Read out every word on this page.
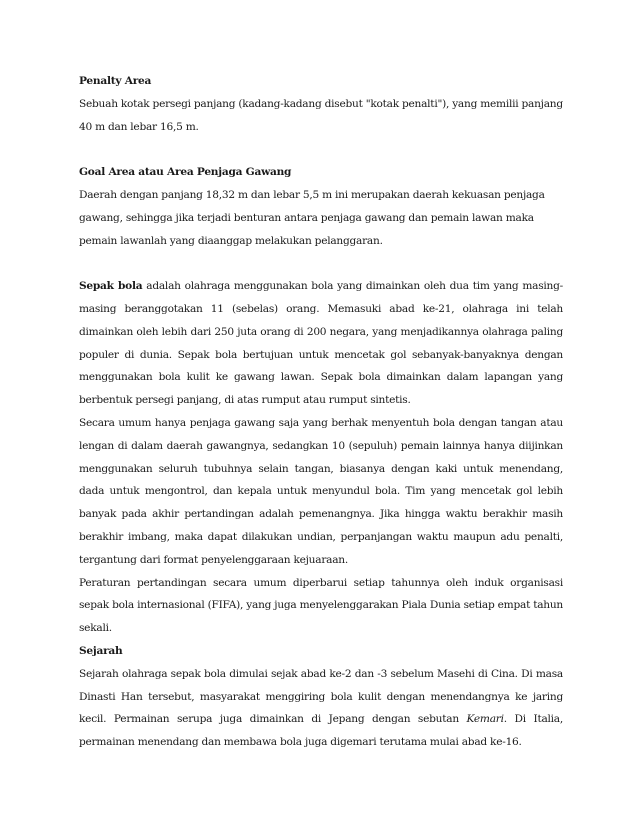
Penalty Area

Sebuah kotak persegi panjang (kadang-kadang disebut "kotak penalti"), yang memilii panjang 40 m dan lebar 16,5 m.

Goal Area atau Area Penjaga Gawang

Daerah dengan panjang 18,32 m dan lebar 5,5 m ini merupakan daerah kekuasan penjaga gawang, sehingga jika terjadi benturan antara penjaga gawang dan pemain lawan maka pemain lawanlah yang diaanggap melakukan pelanggaran.

Sepak bola adalah olahraga menggunakan bola yang dimainkan oleh dua tim yang masing-masing beranggotakan 11 (sebelas) orang. Memasuki abad ke-21, olahraga ini telah dimainkan oleh lebih dari 250 juta orang di 200 negara, yang menjadikannya olahraga paling populer di dunia. Sepak bola bertujuan untuk mencetak gol sebanyak-banyaknya dengan menggunakan bola kulit ke gawang lawan. Sepak bola dimainkan dalam lapangan yang berbentuk persegi panjang, di atas rumput atau rumput sintetis.

Secara umum hanya penjaga gawang saja yang berhak menyentuh bola dengan tangan atau lengan di dalam daerah gawangnya, sedangkan 10 (sepuluh) pemain lainnya hanya diijinkan menggunakan seluruh tubuhnya selain tangan, biasanya dengan kaki untuk menendang, dada untuk mengontrol, dan kepala untuk menyundul bola. Tim yang mencetak gol lebih banyak pada akhir pertandingan adalah pemenangnya. Jika hingga waktu berakhir masih berakhir imbang, maka dapat dilakukan undian, perpanjangan waktu maupun adu penalti, tergantung dari format penyelenggaraan kejuaraan.

Peraturan pertandingan secara umum diperbarui setiap tahunnya oleh induk organisasi sepak bola internasional (FIFA), yang juga menyelenggarakan Piala Dunia setiap empat tahun sekali.

Sejarah

Sejarah olahraga sepak bola dimulai sejak abad ke-2 dan -3 sebelum Masehi di Cina. Di masa Dinasti Han tersebut, masyarakat menggiring bola kulit dengan menendangnya ke jaring kecil. Permainan serupa juga dimainkan di Jepang dengan sebutan Kemari. Di Italia, permainan menendang dan membawa bola juga digemari terutama mulai abad ke-16.
